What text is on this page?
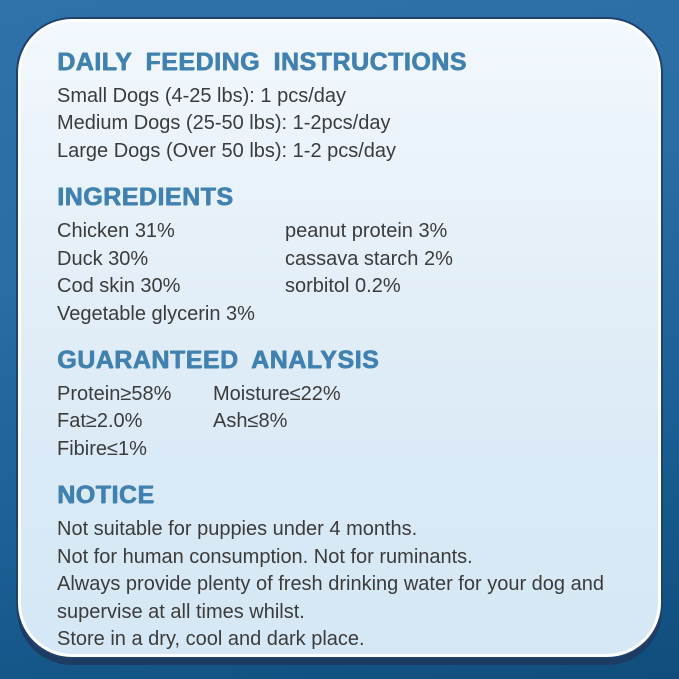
DAILY FEEDING INSTRUCTIONS

Small Dogs (4-25 lbs): 1 pcs/day

Medium Dogs (25-50 lbs): 1-2pcs/day

Large Dogs (Over 50 lbs): 1-2 pcs/day

INGREDIENTS

Chicken 31%

Duck 30%

Cod skin 30%

Vegetable glycerin 3%

peanut protein 3%

cassava starch 2%

sorbitol 0.2%

GUARANTEED ANALYSIS

Protein≥58%

Fat≥2.0%

Fibire≤1%

Moisture≤22%

Ash≤8%

NOTICE

Not suitable for puppies under 4 months.

Not for human consumption. Not for ruminants.

Always provide plenty of fresh drinking water for your dog and

supervise at all times whilst.

Store in a dry, cool and dark place.
